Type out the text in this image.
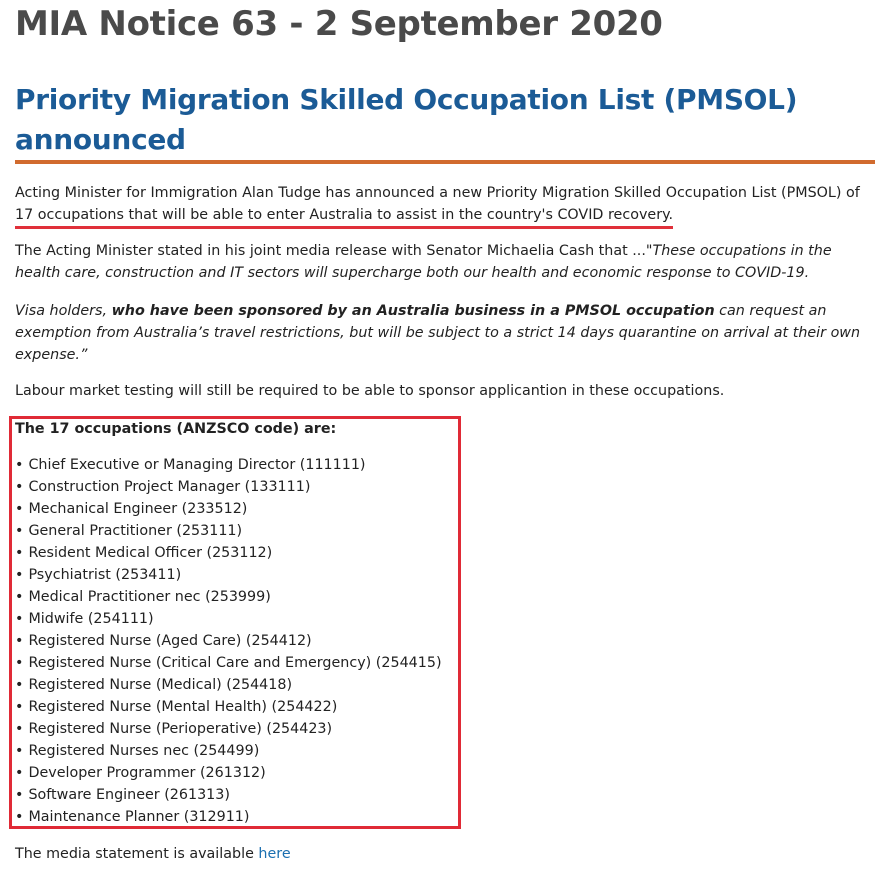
MIA Notice 63 - 2 September 2020
Priority Migration Skilled Occupation List (PMSOL) announced

Acting Minister for Immigration Alan Tudge has announced a new Priority Migration Skilled Occupation List (PMSOL) of 17 occupations that will be able to enter Australia to assist in the country's COVID recovery.

The Acting Minister stated in his joint media release with Senator Michaelia Cash that ..."These occupations in the health care, construction and IT sectors will supercharge both our health and economic response to COVID-19.

Visa holders, who have been sponsored by an Australia business in a PMSOL occupation can request an exemption from Australia’s travel restrictions, but will be subject to a strict 14 days quarantine on arrival at their own expense.”

Labour market testing will still be required to be able to sponsor applicantion in these occupations.

The 17 occupations (ANZSCO code) are:

• Chief Executive or Managing Director (111111)
• Construction Project Manager (133111)
• Mechanical Engineer (233512)
• General Practitioner (253111)
• Resident Medical Officer (253112)
• Psychiatrist (253411)
• Medical Practitioner nec (253999)
• Midwife (254111)
• Registered Nurse (Aged Care) (254412)
• Registered Nurse (Critical Care and Emergency) (254415)
• Registered Nurse (Medical) (254418)
• Registered Nurse (Mental Health) (254422)
• Registered Nurse (Perioperative) (254423)
• Registered Nurses nec (254499)
• Developer Programmer (261312)
• Software Engineer (261313)
• Maintenance Planner (312911)

The media statement is available here
